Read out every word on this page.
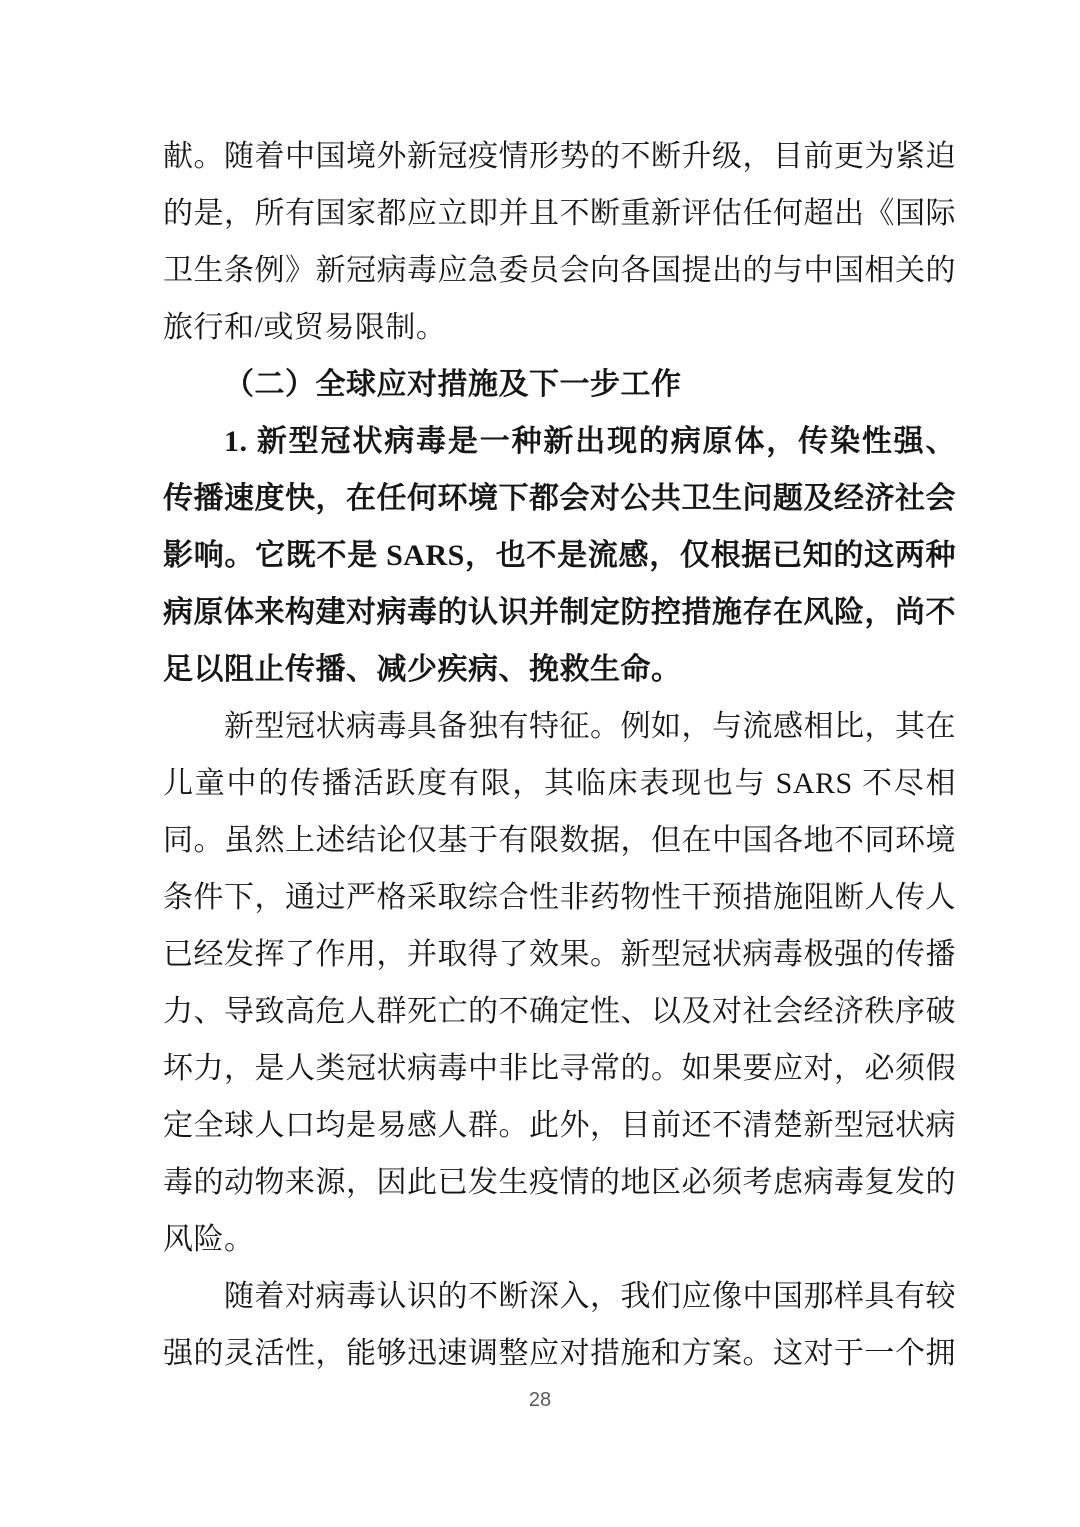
献。随着中国境外新冠疫情形势的不断升级，目前更为紧迫的是，所有国家都应立即并且不断重新评估任何超出《国际卫生条例》新冠病毒应急委员会向各国提出的与中国相关的旅行和/或贸易限制。

（二）全球应对措施及下一步工作

1. 新型冠状病毒是一种新出现的病原体，传染性强、传播速度快，在任何环境下都会对公共卫生问题及经济社会影响。它既不是 SARS，也不是流感，仅根据已知的这两种病原体来构建对病毒的认识并制定防控措施存在风险，尚不足以阻止传播、减少疾病、挽救生命。

新型冠状病毒具备独有特征。例如，与流感相比，其在儿童中的传播活跃度有限，其临床表现也与 SARS 不尽相同。虽然上述结论仅基于有限数据，但在中国各地不同环境条件下，通过严格采取综合性非药物性干预措施阻断人传人已经发挥了作用，并取得了效果。新型冠状病毒极强的传播力、导致高危人群死亡的不确定性、以及对社会经济秩序破坏力，是人类冠状病毒中非比寻常的。如果要应对，必须假定全球人口均是易感人群。此外，目前还不清楚新型冠状病毒的动物来源，因此已发生疫情的地区必须考虑病毒复发的风险。

随着对病毒认识的不断深入，我们应像中国那样具有较强的灵活性，能够迅速调整应对措施和方案。这对于一个拥

28
